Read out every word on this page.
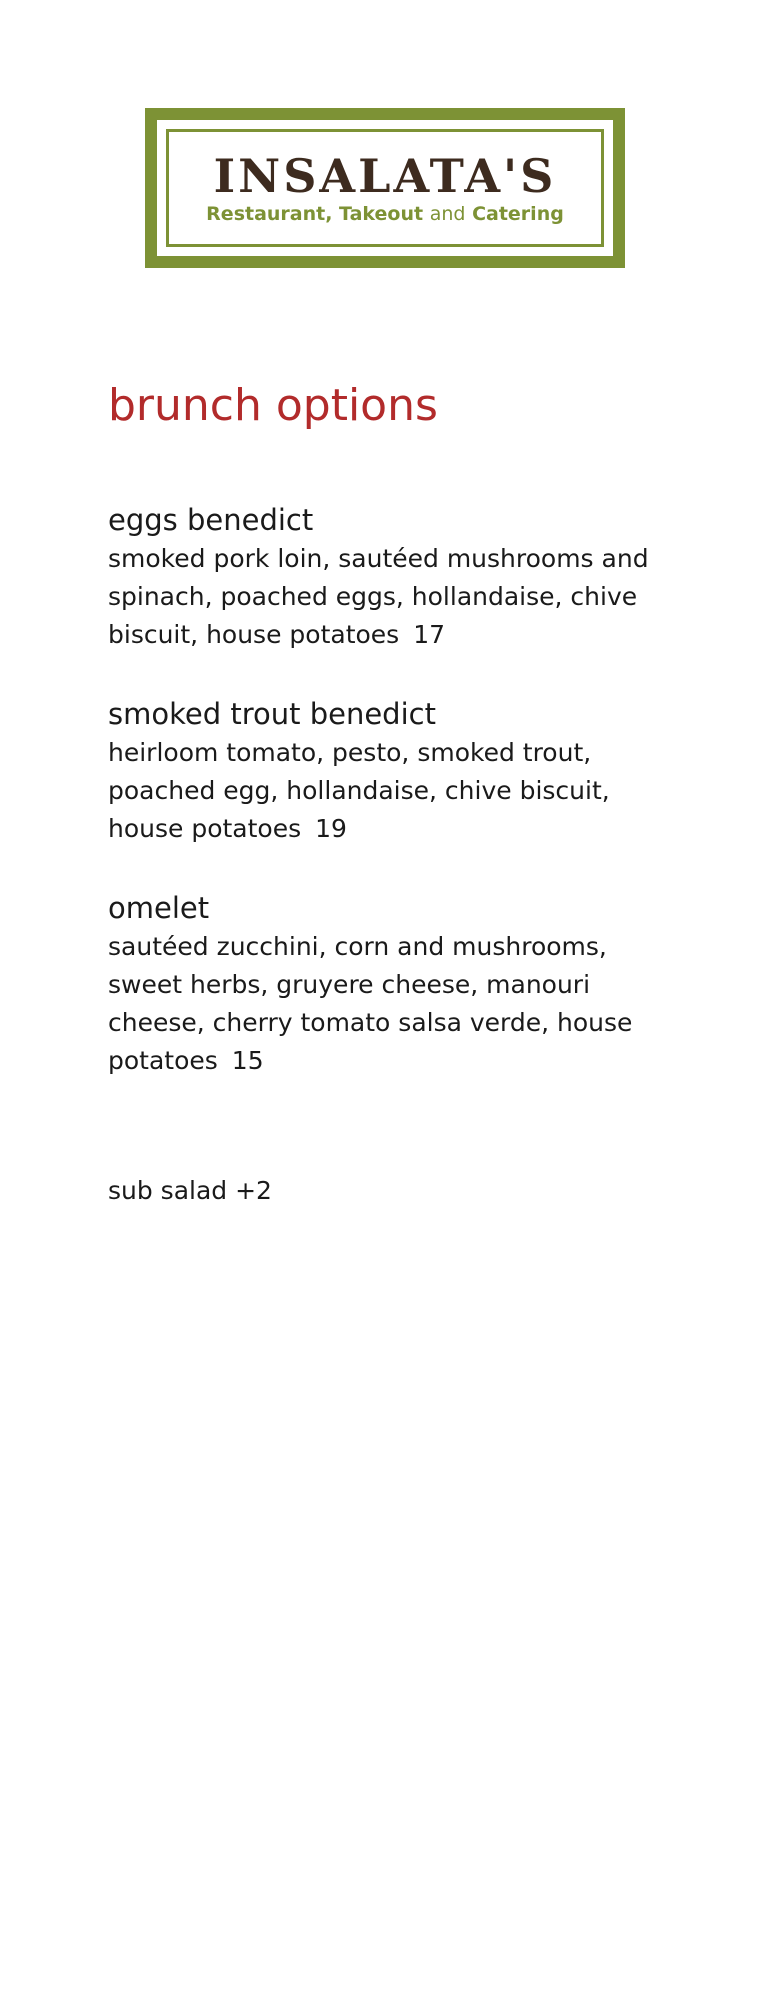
INSALATA'S
Restaurant, Takeout and Catering
brunch options
eggs benedict
smoked pork loin, sautéed mushrooms and spinach, poached eggs, hollandaise, chive biscuit, house potatoes 17
smoked trout benedict
heirloom tomato, pesto, smoked trout, poached egg, hollandaise, chive biscuit, house potatoes 19
omelet
sautéed zucchini, corn and mushrooms, sweet herbs, gruyere cheese, manouri cheese, cherry tomato salsa verde, house potatoes 15
sub salad +2
